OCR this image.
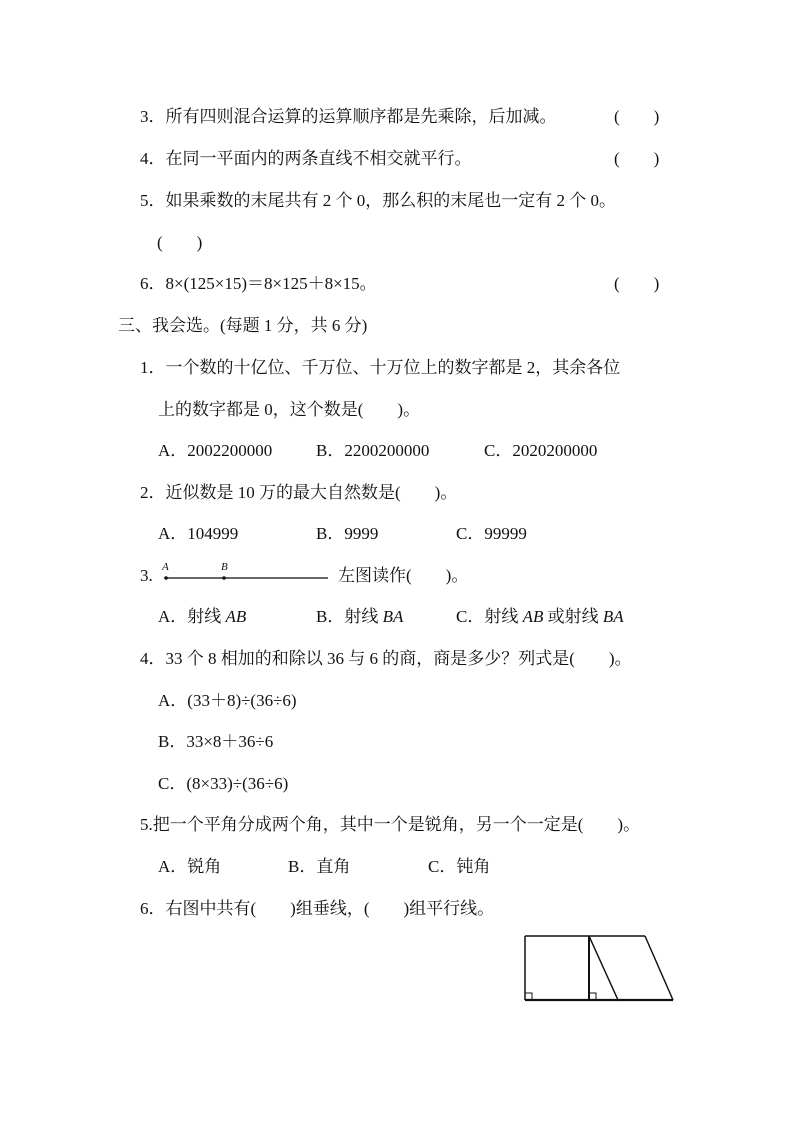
3．所有四则混合运算的运算顺序都是先乘除，后加减。	(　　)
4．在同一平面内的两条直线不相交就平行。	(　　)
5．如果乘数的末尾共有 2 个 0，那么积的末尾也一定有 2 个 0。
(　　)
6．8×(125×15)＝8×125＋8×15。	(　　)
三、我会选。(每题 1 分，共 6 分)
1．一个数的十亿位、千万位、十万位上的数字都是 2，其余各位
上的数字都是 0，这个数是(　　)。
A．2002200000	B．2200200000	C．2020200000
2．近似数是 10 万的最大自然数是(　　)。
A．104999	B．9999	C．99999
3. A	B	左图读作(　　)。
A．射线 AB	B．射线 BA	C．射线 AB 或射线 BA
4．33 个 8 相加的和除以 36 与 6 的商，商是多少？列式是(　　)。
A．(33＋8)÷(36÷6)
B．33×8＋36÷6
C．(8×33)÷(36÷6)
5.把一个平角分成两个角，其中一个是锐角，另一个一定是(　　)。
A．锐角	B．直角	C．钝角
6．右图中共有(　　)组垂线，(　　)组平行线。
